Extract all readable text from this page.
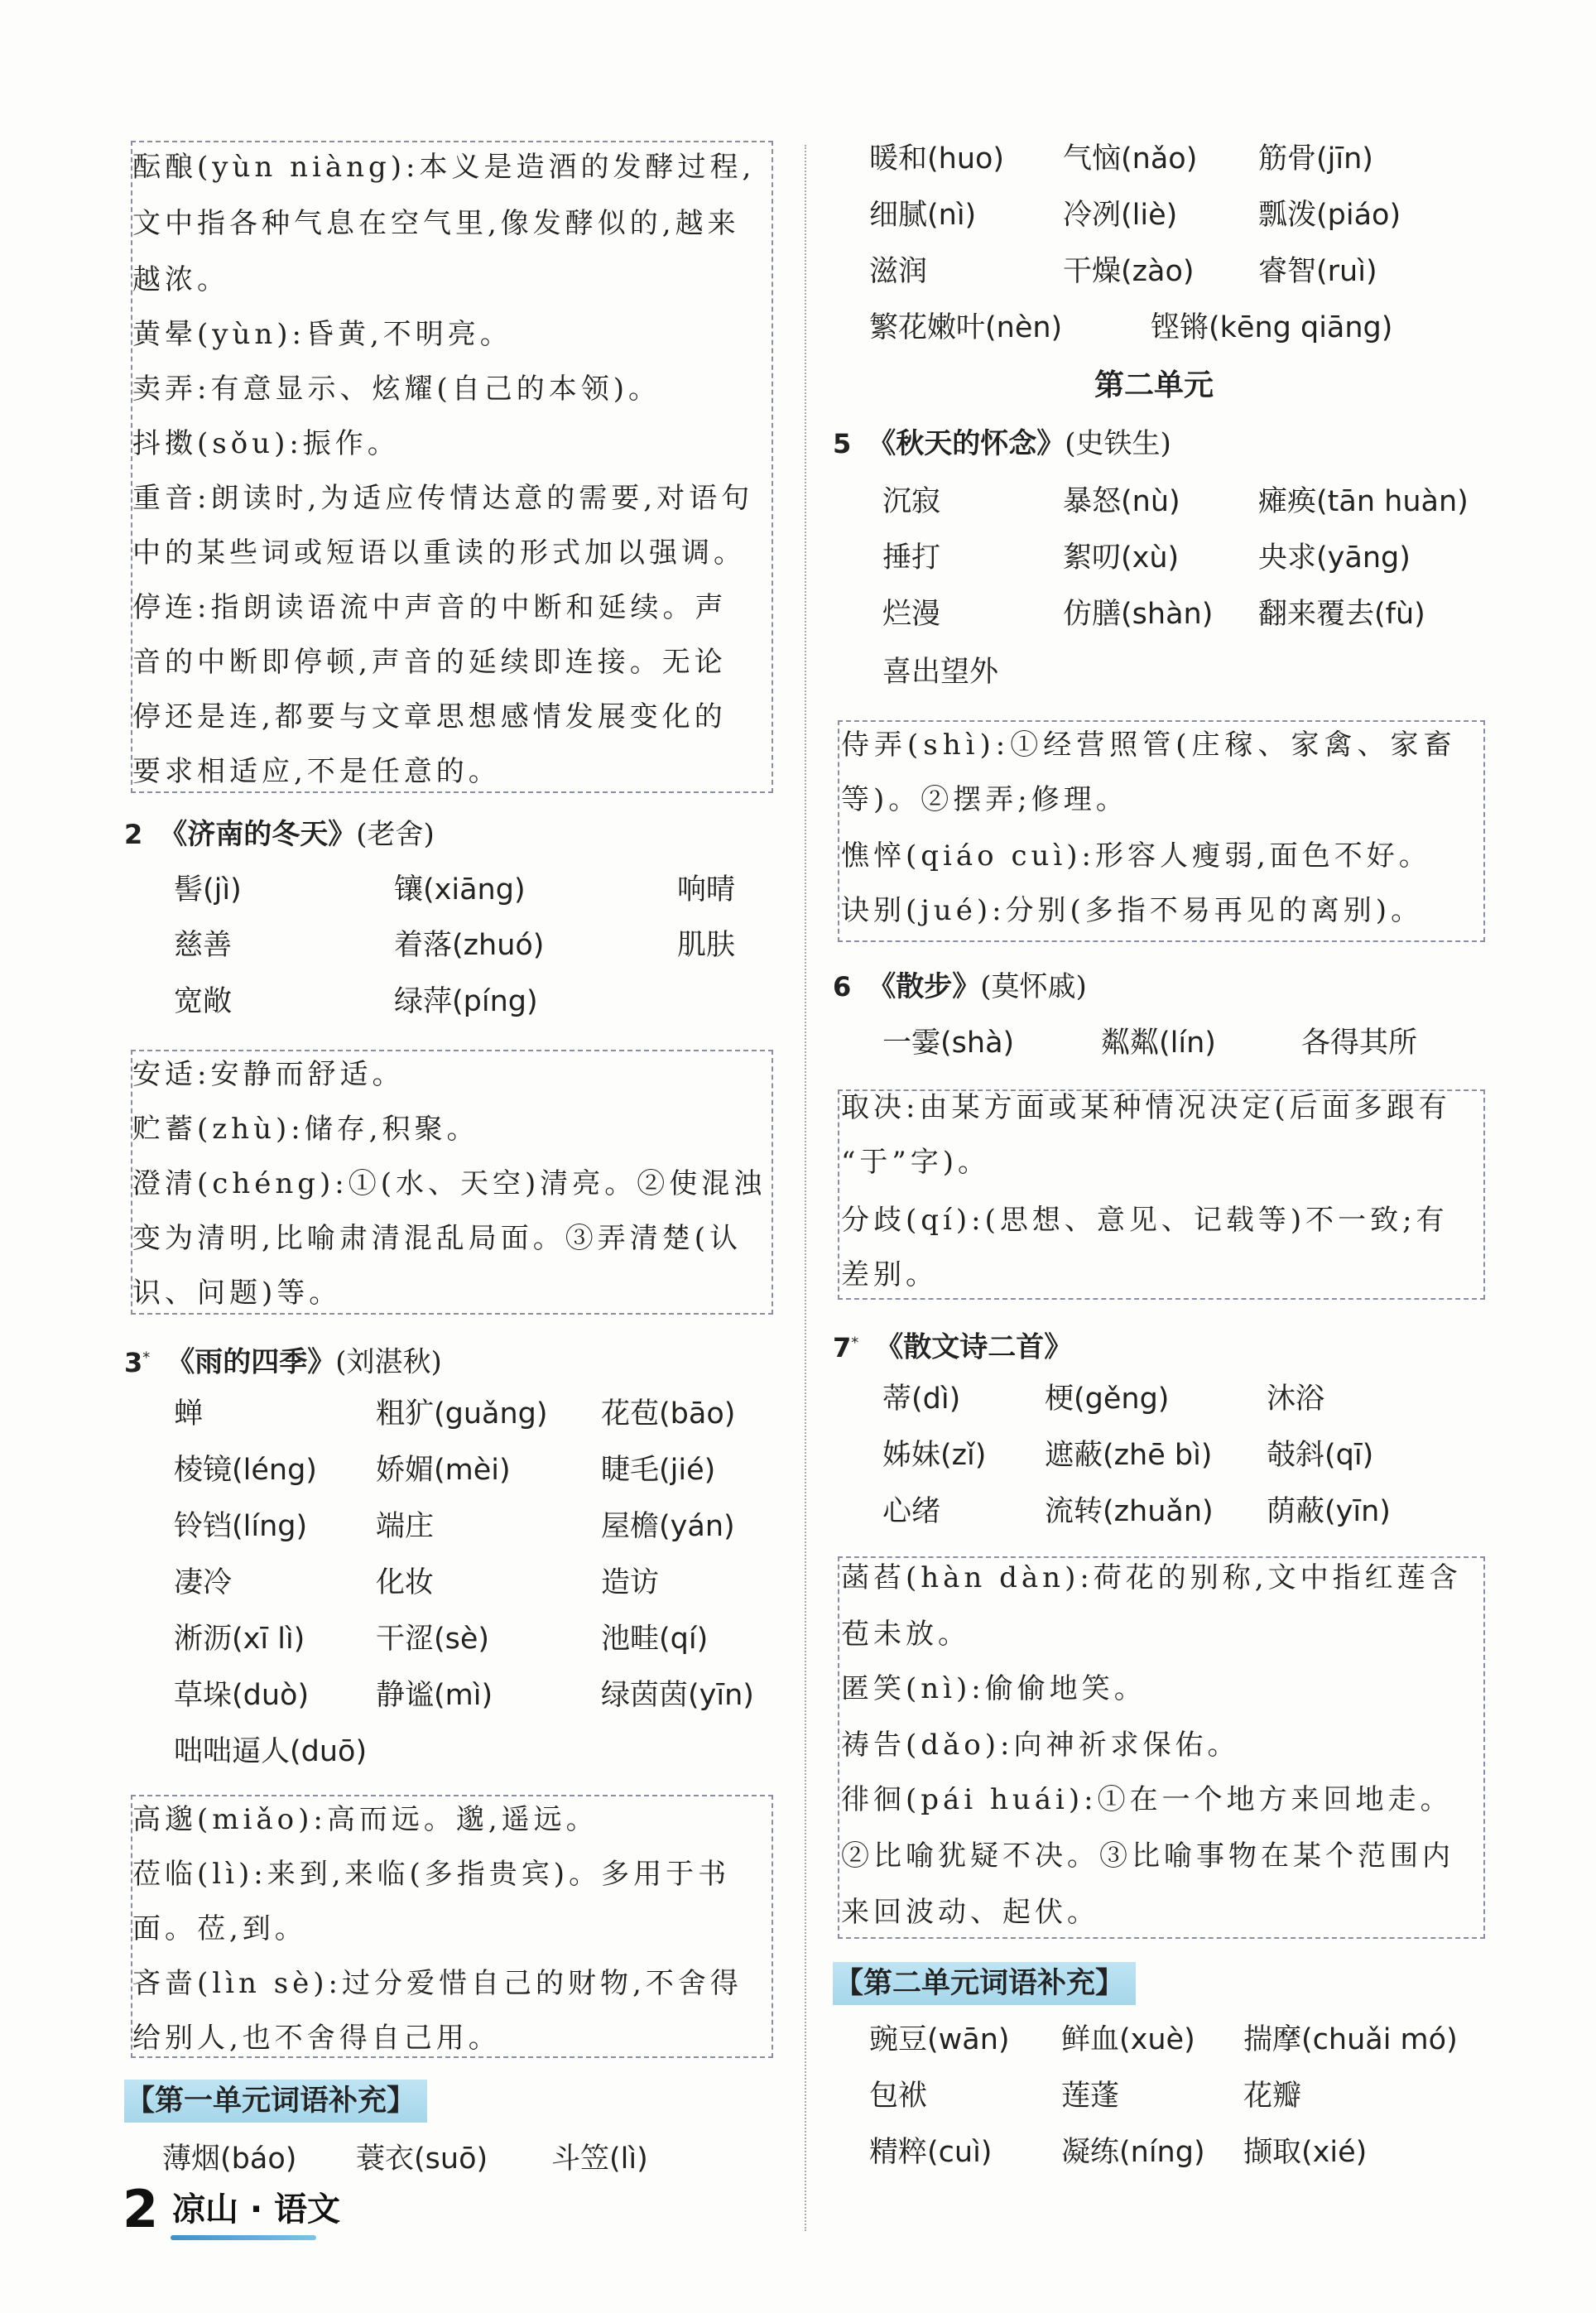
酝酿(yùn niàng):本义是造酒的发酵过程,
文中指各种气息在空气里,像发酵似的,越来
越浓。
黄晕(yùn):昏黄,不明亮。
卖弄:有意显示、炫耀(自己的本领)。
抖擞(sǒu):振作。
重音:朗读时,为适应传情达意的需要,对语句
中的某些词或短语以重读的形式加以强调。
停连:指朗读语流中声音的中断和延续。声
音的中断即停顿,声音的延续即连接。无论
停还是连,都要与文章思想感情发展变化的
要求相适应,不是任意的。
2 《济南的冬天》(老舍)
髻(jì)	镶(xiāng)	响晴
慈善	着落(zhuó)	肌肤
宽敞	绿萍(píng)
安适:安静而舒适。
贮蓄(zhù):储存,积聚。
澄清(chéng):①(水、天空)清亮。②使混浊
变为清明,比喻肃清混乱局面。③弄清楚(认
识、问题)等。
3* 《雨的四季》(刘湛秋)
蝉	粗犷(guǎng) 花苞(bāo)
棱镜(léng) 娇媚(mèi)	睫毛(jié)
铃铛(líng) 端庄	屋檐(yán)
凄冷	化妆	造访
淅沥(xī lì) 干涩(sè)	池畦(qí)
草垛(duò) 静谧(mì)	绿茵茵(yīn)
咄咄逼人(duō)
高邈(miǎo):高而远。邈,遥远。
莅临(lì):来到,来临(多指贵宾)。多用于书
面。莅,到。
吝啬(lìn sè):过分爱惜自己的财物,不舍得
给别人,也不舍得自己用。
【第一单元词语补充】
薄烟(báo) 蓑衣(suō) 斗笠(lì)
2 凉山 · 语文
暖和(huo) 气恼(nǎo) 筋骨(jīn)
细腻(nì)	冷冽(liè)	瓢泼(piáo)
滋润	干燥(zào) 睿智(ruì)
繁花嫩叶(nèn)	铿锵(kēng qiāng)
第二单元
5 《秋天的怀念》(史铁生)
沉寂	暴怒(nù)	瘫痪(tān huàn)
捶打	絮叨(xù)	央求(yāng)
烂漫	仿膳(shàn) 翻来覆去(fù)
喜出望外
侍弄(shì):①经营照管(庄稼、家禽、家畜
等)。②摆弄;修理。
憔悴(qiáo cuì):形容人瘦弱,面色不好。
诀别(jué):分别(多指不易再见的离别)。
6 《散步》(莫怀戚)
一霎(shà)	粼粼(lín)	各得其所
取决:由某方面或某种情况决定(后面多跟有
“于”字)。
分歧(qí):(思想、意见、记载等)不一致;有
差别。
7* 《散文诗二首》
蒂(dì)	梗(gěng)	沐浴
姊妹(zǐ) 遮蔽(zhē bì) 攲斜(qī)
心绪	流转(zhuǎn) 荫蔽(yīn)
菡萏(hàn dàn):荷花的别称,文中指红莲含
苞未放。
匿笑(nì):偷偷地笑。
祷告(dǎo):向神祈求保佑。
徘徊(pái huái):①在一个地方来回地走。
②比喻犹疑不决。③比喻事物在某个范围内
来回波动、起伏。
【第二单元词语补充】
豌豆(wān) 鲜血(xuè) 揣摩(chuǎi mó)
包袱	莲蓬	花瓣
精粹(cuì) 凝练(níng) 撷取(xié)
